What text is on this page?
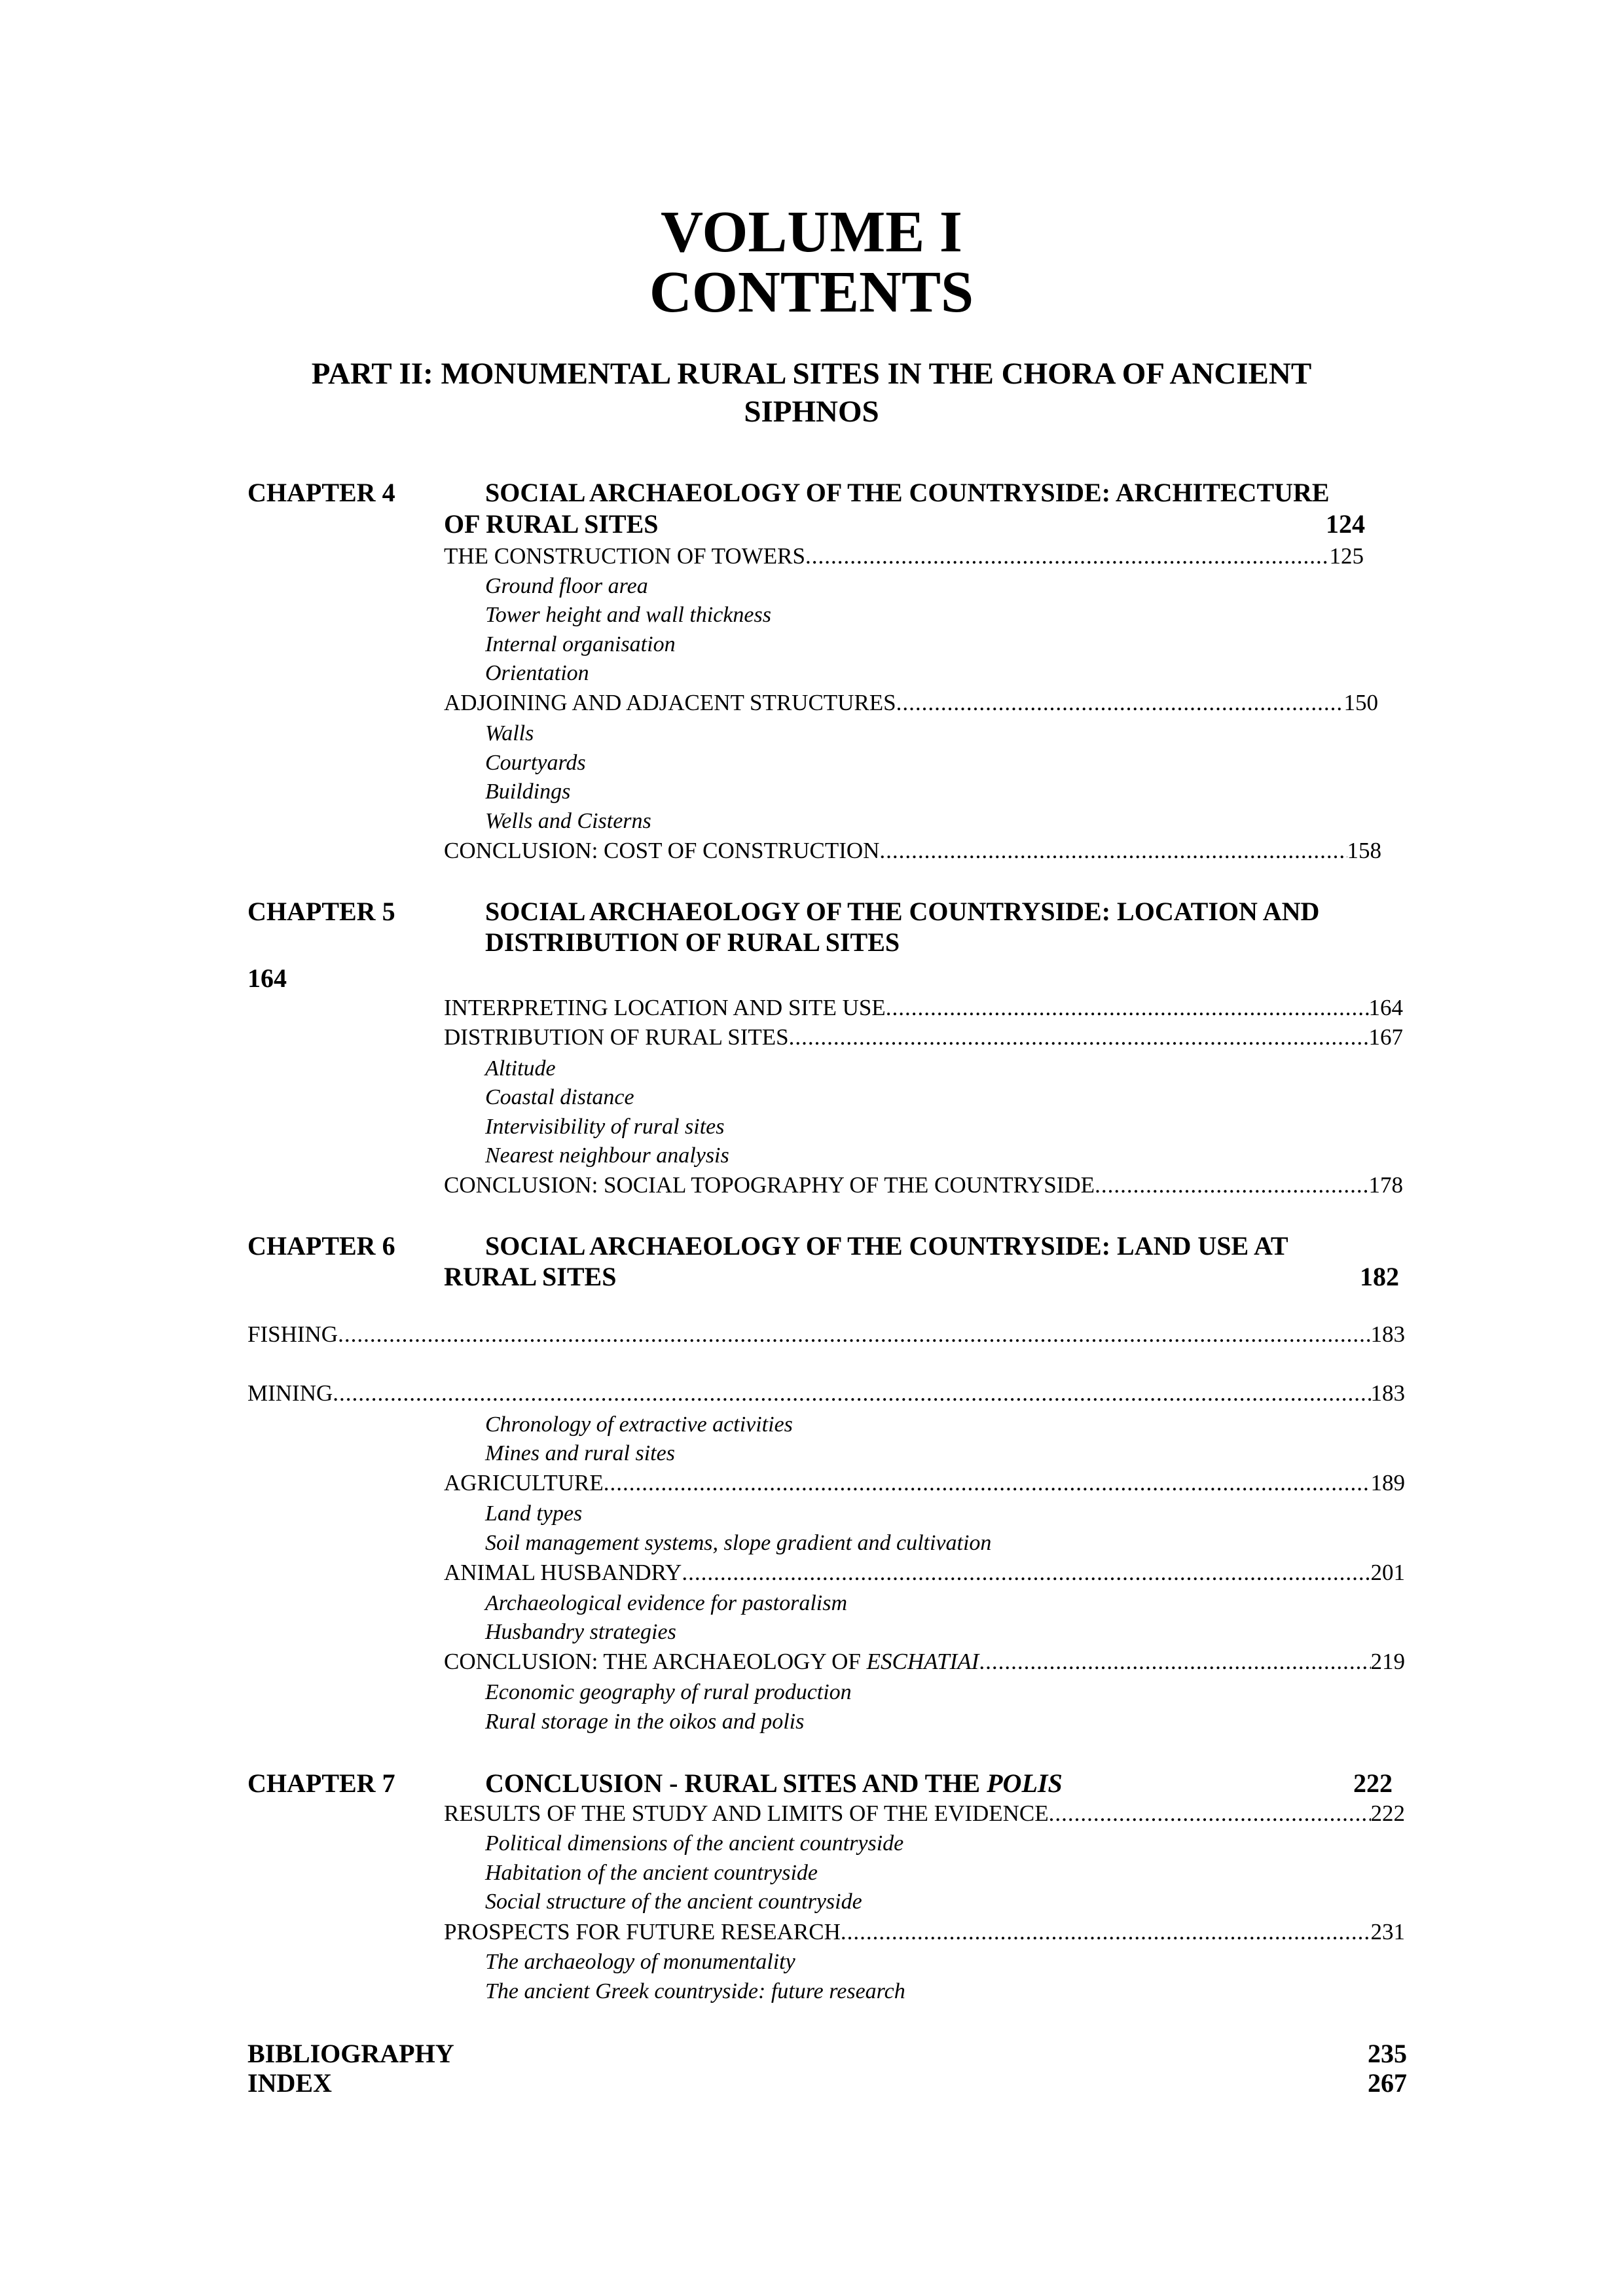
VOLUME I
CONTENTS
PART II: MONUMENTAL RURAL SITES IN THE CHORA OF ANCIENT
SIPHNOS
CHAPTER 4	SOCIAL ARCHAEOLOGY OF THE COUNTRYSIDE: ARCHITECTURE
OF RURAL SITES	124
THE CONSTRUCTION OF TOWERS .....	125
Ground floor area
Tower height and wall thickness
Internal organisation
Orientation
ADJOINING AND ADJACENT STRUCTURES .....	150
Walls
Courtyards
Buildings
Wells and Cisterns
CONCLUSION: COST OF CONSTRUCTION .....	158
CHAPTER 5	SOCIAL ARCHAEOLOGY OF THE COUNTRYSIDE: LOCATION AND
DISTRIBUTION OF RURAL SITES
164
INTERPRETING LOCATION AND SITE USE .....	164
DISTRIBUTION OF RURAL SITES .....	167
Altitude
Coastal distance
Intervisibility of rural sites
Nearest neighbour analysis
CONCLUSION: SOCIAL TOPOGRAPHY OF THE COUNTRYSIDE .....	178
CHAPTER 6	SOCIAL ARCHAEOLOGY OF THE COUNTRYSIDE: LAND USE AT
RURAL SITES	182
FISHING .....	183
MINING .....	183
Chronology of extractive activities
Mines and rural sites
AGRICULTURE .....	189
Land types
Soil management systems, slope gradient and cultivation
ANIMAL HUSBANDRY .....	201
Archaeological evidence for pastoralism
Husbandry strategies
CONCLUSION: THE ARCHAEOLOGY OF ESCHATIAI .....	219
Economic geography of rural production
Rural storage in the oikos and polis
CHAPTER 7	CONCLUSION - RURAL SITES AND THE POLIS	222
RESULTS OF THE STUDY AND LIMITS OF THE EVIDENCE .....	222
Political dimensions of the ancient countryside
Habitation of the ancient countryside
Social structure of the ancient countryside
PROSPECTS FOR FUTURE RESEARCH .....	231
The archaeology of monumentality
The ancient Greek countryside: future research
BIBLIOGRAPHY	235
INDEX	267
